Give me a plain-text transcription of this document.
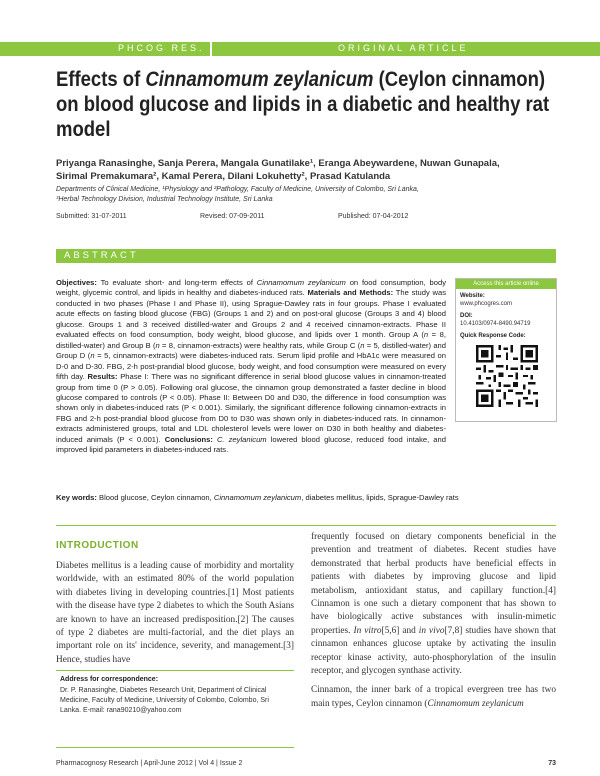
PHCOG RES.	ORIGINAL ARTICLE
Effects of Cinnamomum zeylanicum (Ceylon cinnamon) on blood glucose and lipids in a diabetic and healthy rat model
Priyanga Ranasinghe, Sanja Perera, Mangala Gunatilake¹, Eranga Abeywardene, Nuwan Gunapala,
Sirimal Premakumara², Kamal Perera, Dilani Lokuhetty², Prasad Katulanda
Departments of Clinical Medicine, ¹Physiology and ²Pathology, Faculty of Medicine, University of Colombo, Sri Lanka,
³Herbal Technology Division, Industrial Technology Institute, Sri Lanka
Submitted: 31-07-2011	Revised: 07-09-2011	Published: 07-04-2012
ABSTRACT
Objectives: To evaluate short- and long-term effects of Cinnamomum zeylanicum on food consumption, body weight, glycemic control, and lipids in healthy and diabetes-induced rats. Materials and Methods: The study was conducted in two phases (Phase I and Phase II), using Sprague-Dawley rats in four groups. Phase I evaluated acute effects on fasting blood glucose (FBG) (Groups 1 and 2) and on post-oral glucose (Groups 3 and 4) blood glucose. Groups 1 and 3 received distilled-water and Groups 2 and 4 received cinnamon-extracts. Phase II evaluated effects on food consumption, body weight, blood glucose, and lipids over 1 month. Group A (n = 8, distilled-water) and Group B (n = 8, cinnamon-extracts) were healthy rats, while Group C (n = 5, distilled-water) and Group D (n = 5, cinnamon-extracts) were diabetes-induced rats. Serum lipid profile and HbA1c were measured on D-0 and D-30. FBG, 2-h post-prandial blood glucose, body weight, and food consumption were measured on every fifth day. Results: Phase I: There was no significant difference in serial blood glucose values in cinnamon-treated group from time 0 (P > 0.05). Following oral glucose, the cinnamon group demonstrated a faster decline in blood glucose compared to controls (P < 0.05). Phase II: Between D0 and D30, the difference in food consumption was shown only in diabetes-induced rats (P < 0.001). Similarly, the significant difference following cinnamon-extracts in FBG and 2-h post-prandial blood glucose from D0 to D30 was shown only in diabetes-induced rats. In cinnamon-extracts administered groups, total and LDL cholesterol levels were lower on D30 in both healthy and diabetes-induced animals (P < 0.001). Conclusions: C. zeylanicum lowered blood glucose, reduced food intake, and improved lipid parameters in diabetes-induced rats.
Access this article online
Website:
www.phcogres.com
DOI:
10.4103/0974-8490.94719
Quick Response Code:
Key words: Blood glucose, Ceylon cinnamon, Cinnamomum zeylanicum, diabetes mellitus, lipids, Sprague-Dawley rats
INTRODUCTION
Diabetes mellitus is a leading cause of morbidity and mortality worldwide, with an estimated 80% of the world population with diabetes living in developing countries.[1] Most patients with the disease have type 2 diabetes to which the South Asians are known to have an increased predisposition.[2] The causes of type 2 diabetes are multi-factorial, and the diet plays an important role on its' incidence, severity, and management.[3] Hence, studies have
frequently focused on dietary components beneficial in the prevention and treatment of diabetes. Recent studies have demonstrated that herbal products have beneficial effects in patients with diabetes by improving glucose and lipid metabolism, antioxidant status, and capillary function.[4] Cinnamon is one such a dietary component that has shown to have biologically active substances with insulin-mimetic properties. In vitro[5,6] and in vivo[7,8] studies have shown that cinnamon enhances glucose uptake by activating the insulin receptor kinase activity, auto-phosphorylation of the insulin receptor, and glycogen synthase activity.
Cinnamon, the inner bark of a tropical evergreen tree has two main types, Ceylon cinnamon (Cinnamomum zeylanicum
Address for correspondence:
Dr. P. Ranasinghe, Diabetes Research Unit, Department of Clinical Medicine, Faculty of Medicine, University of Colombo, Colombo, Sri Lanka. E-mail: rana90210@yahoo.com
Pharmacognosy Research | April-June 2012 | Vol 4 | Issue 2	73
